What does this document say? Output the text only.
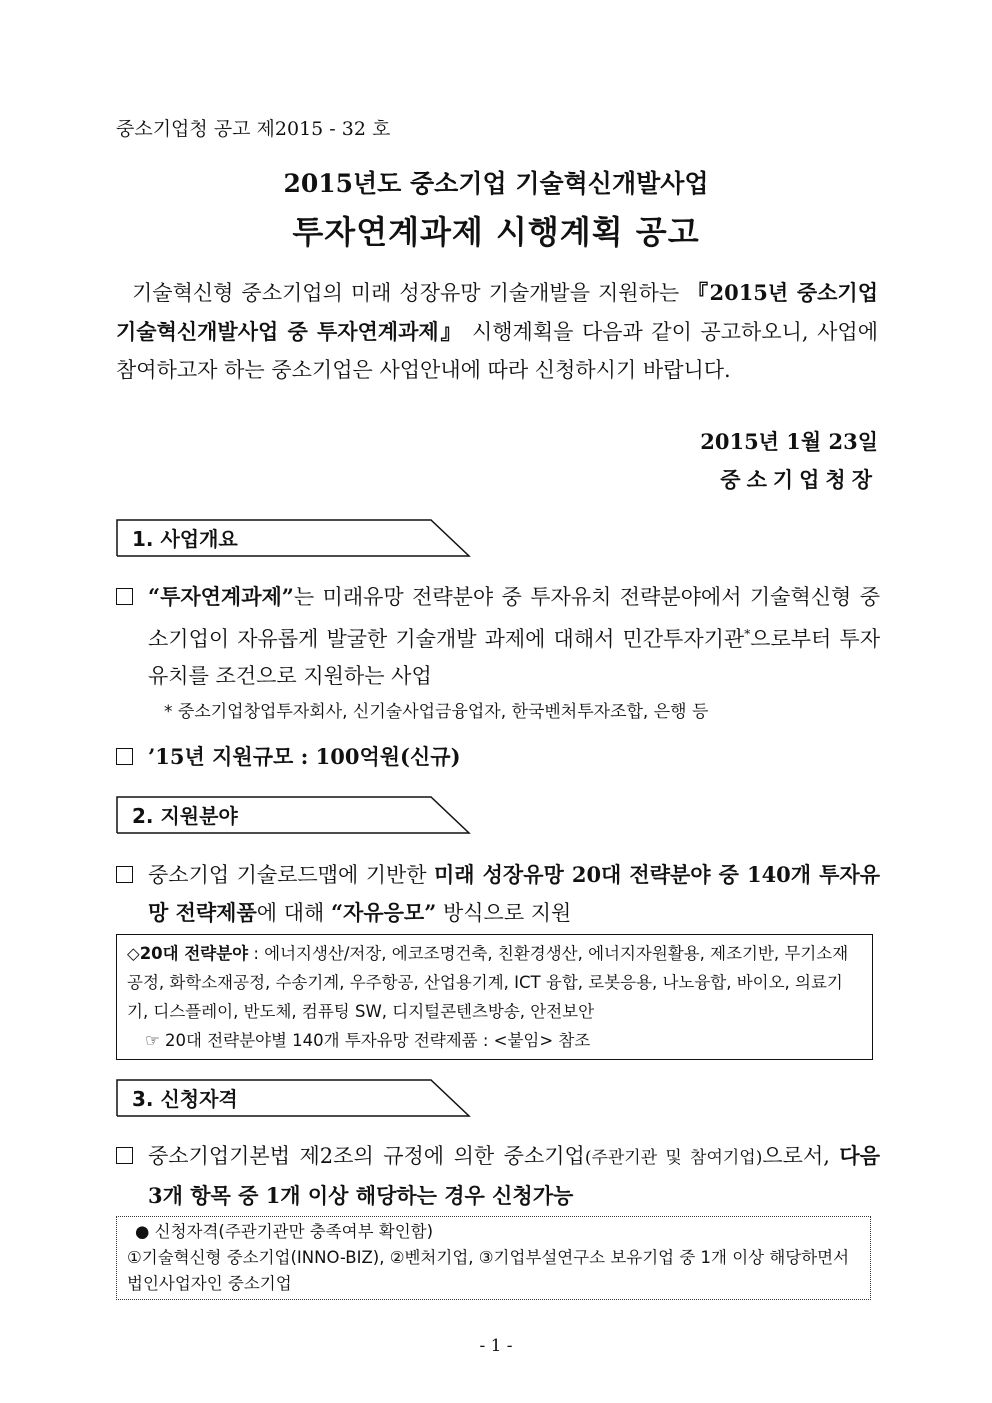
중소기업청 공고 제2015 - 32 호
2015년도 중소기업 기술혁신개발사업
투자연계과제 시행계획 공고
기술혁신형 중소기업의 미래 성장유망 기술개발을 지원하는 『2015년 중소기업 기술혁신개발사업 중 투자연계과제』 시행계획을 다음과 같이 공고하오니, 사업에 참여하고자 하는 중소기업은 사업안내에 따라 신청하시기 바랍니다.
2015년 1월 23일
중소기업청장
1. 사업개요
“투자연계과제”는 미래유망 전략분야 중 투자유치 전략분야에서 기술혁신형 중소기업이 자유롭게 발굴한 기술개발 과제에 대해서 민간투자기관*으로부터 투자유치를 조건으로 지원하는 사업
* 중소기업창업투자회사, 신기술사업금융업자, 한국벤처투자조합, 은행 등
’15년 지원규모 : 100억원(신규)
2. 지원분야
중소기업 기술로드맵에 기반한 미래 성장유망 20대 전략분야 중 140개 투자유망 전략제품에 대해 “자유응모” 방식으로 지원
◇20대 전략분야 : 에너지생산/저장, 에코조명건축, 친환경생산, 에너지자원활용, 제조기반, 무기소재공정, 화학소재공정, 수송기계, 우주항공, 산업용기계, ICT 융합, 로봇응용, 나노융합, 바이오, 의료기기, 디스플레이, 반도체, 컴퓨팅 SW, 디지털콘텐츠방송, 안전보안
☞ 20대 전략분야별 140개 투자유망 전략제품 : <붙임> 참조
3. 신청자격
중소기업기본법 제2조의 규정에 의한 중소기업(주관기관 및 참여기업)으로서, 다음 3개 항목 중 1개 이상 해당하는 경우 신청가능
● 신청자격(주관기관만 충족여부 확인함)
①기술혁신형 중소기업(INNO-BIZ), ②벤처기업, ③기업부설연구소 보유기업 중 1개 이상 해당하면서 법인사업자인 중소기업
- 1 -
